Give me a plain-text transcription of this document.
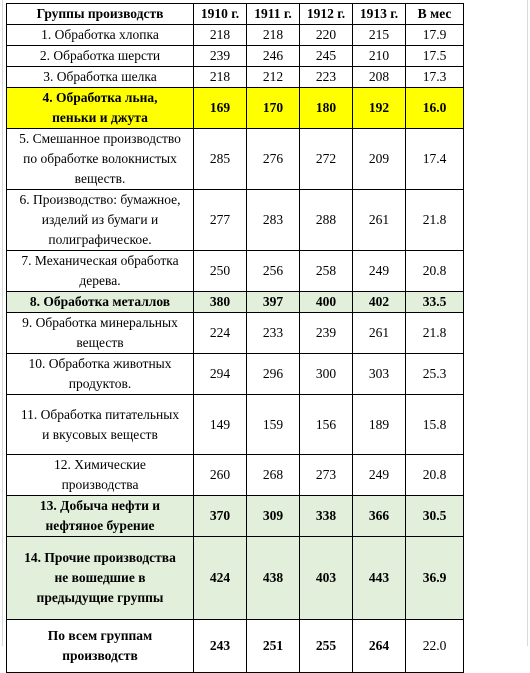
Группы производств	1910 г.	1911 г.	1912 г.	1913 г.	В мес

1. Обработка хлопка	218	218	220	215	17.9

2. Обработка шерсти	239	246	245	210	17.5

3. Обработка шелка	218	212	223	208	17.3

4. Обработка льна,
пеньки и джута	169	170	180	192	16.0

5. Смешанное производство
по обработке волокнистых
веществ.	285	276	272	209	17.4

6. Производство: бумажное,
изделий из бумаги и
полиграфическое.	277	283	288	261	21.8

7. Механическая обработка
дерева.	250	256	258	249	20.8

8. Обработка металлов	380	397	400	402	33.5

9. Обработка минеральных
веществ	224	233	239	261	21.8

10. Обработка животных
продуктов.	294	296	300	303	25.3

11. Обработка питательных
и вкусовых веществ	149	159	156	189	15.8

12. Химические
производства	260	268	273	249	20.8

13. Добыча нефти и
нефтяное бурение	370	309	338	366	30.5

14. Прочие производства
не вошедшие в
предыдущие группы	424	438	403	443	36.9

По всем группам
производств	243	251	255	264	22.0
